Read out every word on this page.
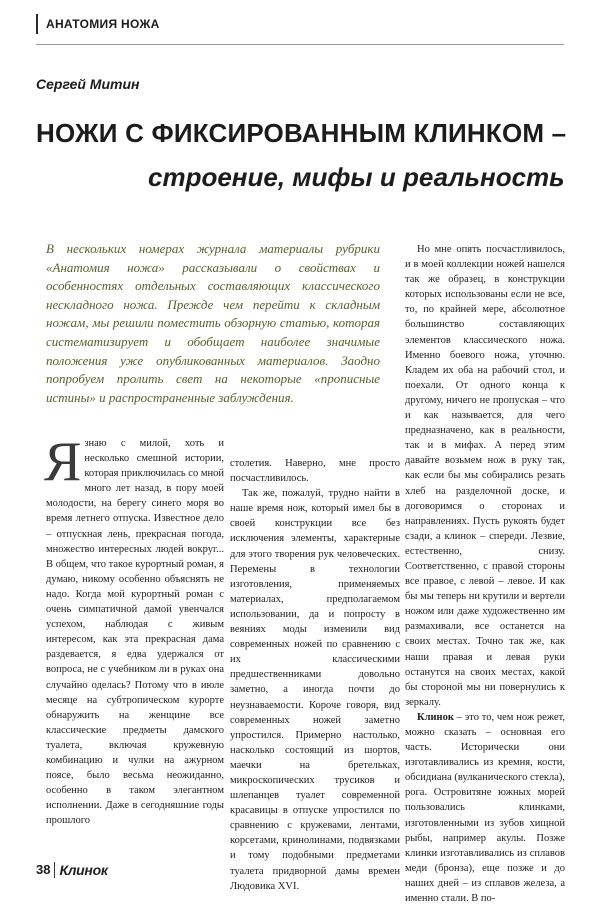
АНАТОМИЯ НОЖА
Сергей Митин
НОЖИ С ФИКСИРОВАННЫМ КЛИНКОМ –
строение, мифы и реальность
В нескольких номерах журнала материалы рубрики «Анатомия ножа» рассказывали о свойствах и особенностях отдельных составляющих классического нескладного ножа. Прежде чем перейти к складным ножам, мы решили поместить обзорную статью, которая систематизирует и обобщает наиболее значимые положения уже опубликованных материалов. Заодно попробуем пролить свет на некоторые «прописные истины» и распространенные заблуждения.

Язнаю с милой, хоть и несколько смешной истории, которая приключилась со мной много лет назад, в пору моей молодости, на берегу синего моря во время летнего отпуска. Известное дело – отпускная лень, прекрасная погода, множество интересных людей вокруг... В общем, что такое курортный роман, я думаю, никому особенно объяснять не надо. Когда мой курортный роман с очень симпатичной дамой увенчался успехом, наблюдая с живым интересом, как эта прекрасная дама раздевается, я едва удержался от вопроса, не с учебником ли в руках она случайно оделась? Потому что в июле месяце на субтропическом курорте обнаружить на женщине все классические предметы дамского туалета, включая кружевную комбинацию и чулки на ажурном поясе, было весьма неожиданно, особенно в таком элегантном исполнении. Даже в сегодняшние годы прошлого

столетия. Наверно, мне просто посчастливилось.

Так же, пожалуй, трудно найти в наше время нож, который имел бы в своей конструкции все без исключения элементы, характерные для этого творения рук человеческих. Перемены в технологии изготовления, применяемых материалах, предполагаемом использовании, да и попросту в веяниях моды изменили вид современных ножей по сравнению с их классическими предшественниками довольно заметно, а иногда почти до неузнаваемости. Короче говоря, вид современных ножей заметно упростился. Примерно настолько, насколько состоящий из шортов, маечки на бретельках, микроскопических трусиков и шлепанцев туалет современной красавицы в отпуске упростился по сравнению с кружевами, лентами, корсетами, кринолинами, подвязками и тому подобными предметами туалета придворной дамы времен Людовика XVI.

Но мне опять посчастливилось, и в моей коллекции ножей нашелся так же образец, в конструкции которых использованы если не все, то, по крайней мере, абсолютное большинство составляющих элементов классического ножа. Именно боевого ножа, уточню. Кладем их оба на рабочий стол, и поехали. От одного конца к другому, ничего не пропуская – что и как называется, для чего предназначено, как в реальности, так и в мифах. А перед этим давайте возьмем нож в руку так, как если бы мы собирались резать хлеб на разделочной доске, и договоримся о сторонах и направлениях. Пусть рукоять будет сзади, а клинок – спереди. Лезвие, естественно, снизу. Соответственно, с правой стороны все правое, с левой – левое. И как бы мы теперь ни крутили и вертели ножом или даже художественно им размахивали, все останется на своих местах. Точно так же, как наши правая и левая руки останутся на своих местах, какой бы стороной мы ни повернулись к зеркалу.

Клинок – это то, чем нож режет, можно сказать – основная его часть. Исторически они изготавливались из кремня, кости, обсидиана (вулканического стекла), рога. Островитяне южных морей пользовались клинками, изготовленными из зубов хищной рыбы, например акулы. Позже клинки изготавливались из сплавов меди (бронза), еще позже и до наших дней – из сплавов железа, а именно стали. В по-

38 Клинок
